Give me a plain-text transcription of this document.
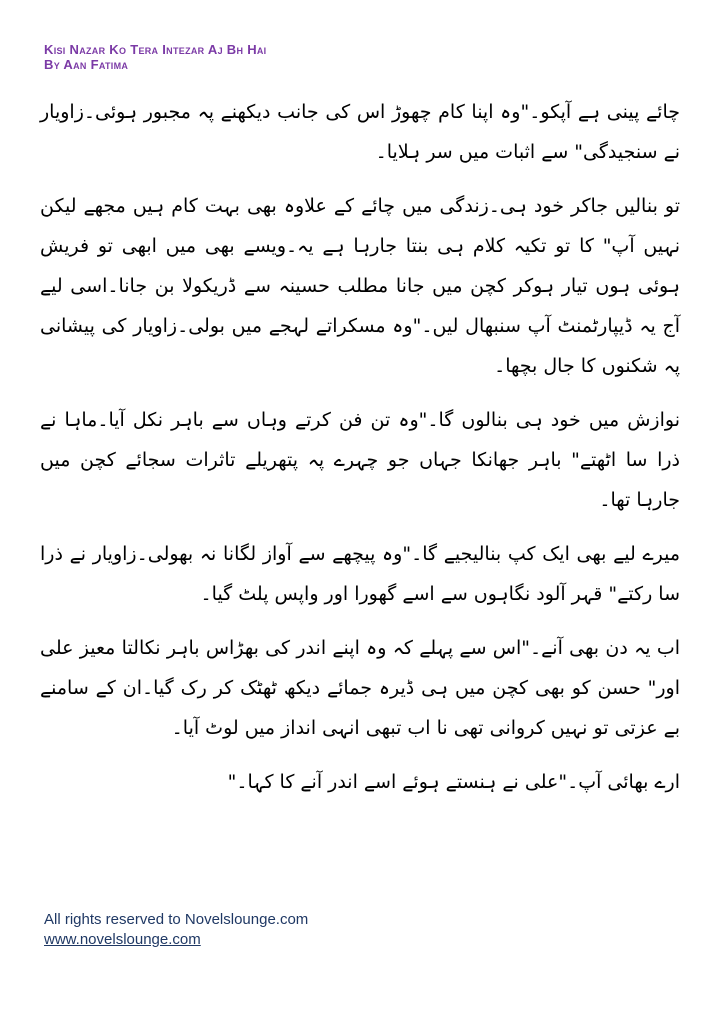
Kisi Nazar Ko Tera Intezar Aj Bh Hai
By Aan Fatima

چائے پینی ہے آپکو۔"وہ اپنا کام چھوڑ اس کی جانب دیکھنے پہ مجبور ہوئی۔زاویار نے سنجیدگی" سے اثبات میں سر ہلایا۔

تو بنالیں جاکر خود ہی۔زندگی میں چائے کے علاوہ بھی بہت کام ہیں مجھے لیکن نہیں آپ" کا تو تکیہ کلام ہی بنتا جارہا ہے یہ۔ویسے بھی میں ابھی تو فریش ہوئی ہوں تیار ہوکر کچن میں جانا مطلب حسینہ سے ڈریکولا بن جانا۔اسی لیے آج یہ ڈیپارٹمنٹ آپ سنبھال لیں۔"وہ مسکراتے لہجے میں بولی۔زاویار کی پیشانی پہ شکنوں کا جال بچھا۔

نوازش میں خود ہی بنالوں گا۔"وہ تن فن کرتے وہاں سے باہر نکل آیا۔ماہا نے ذرا سا اٹھتے" باہر جھانکا جہاں جو چہرے پہ پتھریلے تاثرات سجائے کچن میں جارہا تھا۔

میرے لیے بھی ایک کپ بنالیجیے گا۔"وہ پیچھے سے آواز لگانا نہ بھولی۔زاویار نے ذرا سا رکتے" قہر آلود نگاہوں سے اسے گھورا اور واپس پلٹ گیا۔

اب یہ دن بھی آنے۔"اس سے پہلے کہ وہ اپنے اندر کی بھڑاس باہر نکالتا معیز علی اور" حسن کو بھی کچن میں ہی ڈیرہ جمائے دیکھ ٹھٹک کر رک گیا۔ان کے سامنے بے عزتی تو نہیں کروانی تھی نا اب تبھی انہی انداز میں لوٹ آیا۔

ارے بھائی آپ۔"علی نے ہنستے ہوئے اسے اندر آنے کا کہا۔"

All rights reserved to Novelslounge.com
www.novelslounge.com
